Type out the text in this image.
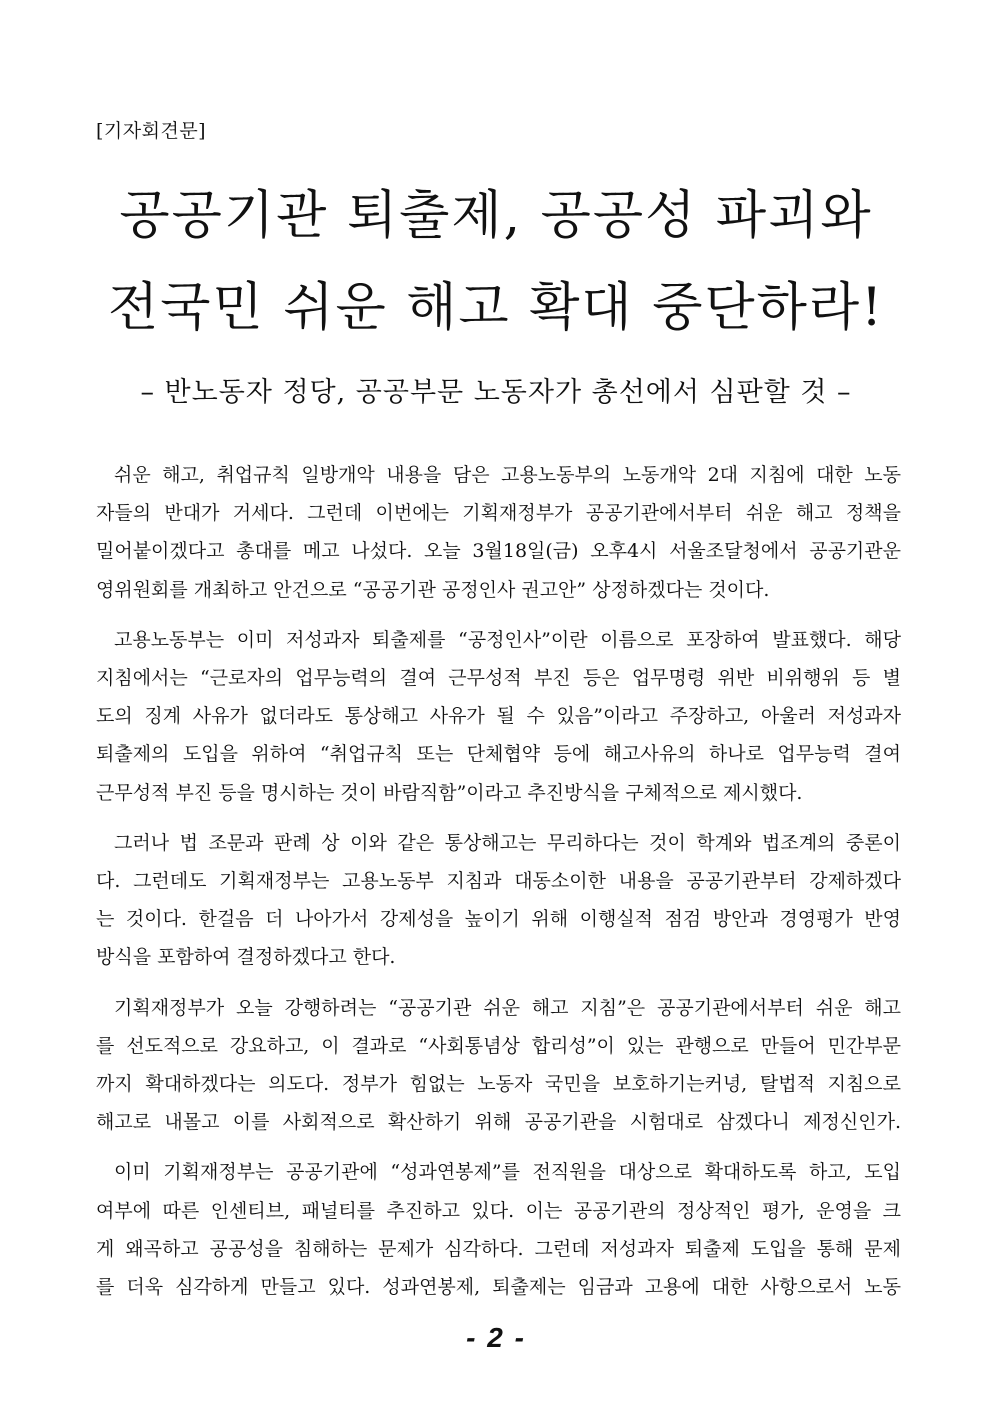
[기자회견문]
공공기관 퇴출제, 공공성 파괴와
전국민 쉬운 해고 확대 중단하라!
– 반노동자 정당, 공공부문 노동자가 총선에서 심판할 것 –
쉬운 해고, 취업규칙 일방개악 내용을 담은 고용노동부의 노동개악 2대 지침에 대한 노동
자들의 반대가 거세다. 그런데 이번에는 기획재정부가 공공기관에서부터 쉬운 해고 정책을
밀어붙이겠다고 총대를 메고 나섰다. 오늘 3월18일(금) 오후4시 서울조달청에서 공공기관운
영위원회를 개최하고 안건으로 “공공기관 공정인사 권고안” 상정하겠다는 것이다.
고용노동부는 이미 저성과자 퇴출제를 “공정인사”이란 이름으로 포장하여 발표했다. 해당
지침에서는 “근로자의 업무능력의 결여 근무성적 부진 등은 업무명령 위반 비위행위 등 별
도의 징계 사유가 없더라도 통상해고 사유가 될 수 있음”이라고 주장하고, 아울러 저성과자
퇴출제의 도입을 위하여 “취업규칙 또는 단체협약 등에 해고사유의 하나로 업무능력 결여
근무성적 부진 등을 명시하는 것이 바람직함”이라고 추진방식을 구체적으로 제시했다.
그러나 법 조문과 판례 상 이와 같은 통상해고는 무리하다는 것이 학계와 법조계의 중론이
다. 그런데도 기획재정부는 고용노동부 지침과 대동소이한 내용을 공공기관부터 강제하겠다
는 것이다. 한걸음 더 나아가서 강제성을 높이기 위해 이행실적 점검 방안과 경영평가 반영
방식을 포함하여 결정하겠다고 한다.
기획재정부가 오늘 강행하려는 “공공기관 쉬운 해고 지침”은 공공기관에서부터 쉬운 해고
를 선도적으로 강요하고, 이 결과로 “사회통념상 합리성”이 있는 관행으로 만들어 민간부문
까지 확대하겠다는 의도다. 정부가 힘없는 노동자 국민을 보호하기는커녕, 탈법적 지침으로
해고로 내몰고 이를 사회적으로 확산하기 위해 공공기관을 시험대로 삼겠다니 제정신인가.
이미 기획재정부는 공공기관에 “성과연봉제”를 전직원을 대상으로 확대하도록 하고, 도입
여부에 따른 인센티브, 패널티를 추진하고 있다. 이는 공공기관의 정상적인 평가, 운영을 크
게 왜곡하고 공공성을 침해하는 문제가 심각하다. 그런데 저성과자 퇴출제 도입을 통해 문제
를 더욱 심각하게 만들고 있다. 성과연봉제, 퇴출제는 임금과 고용에 대한 사항으로서 노동
- 2 -
